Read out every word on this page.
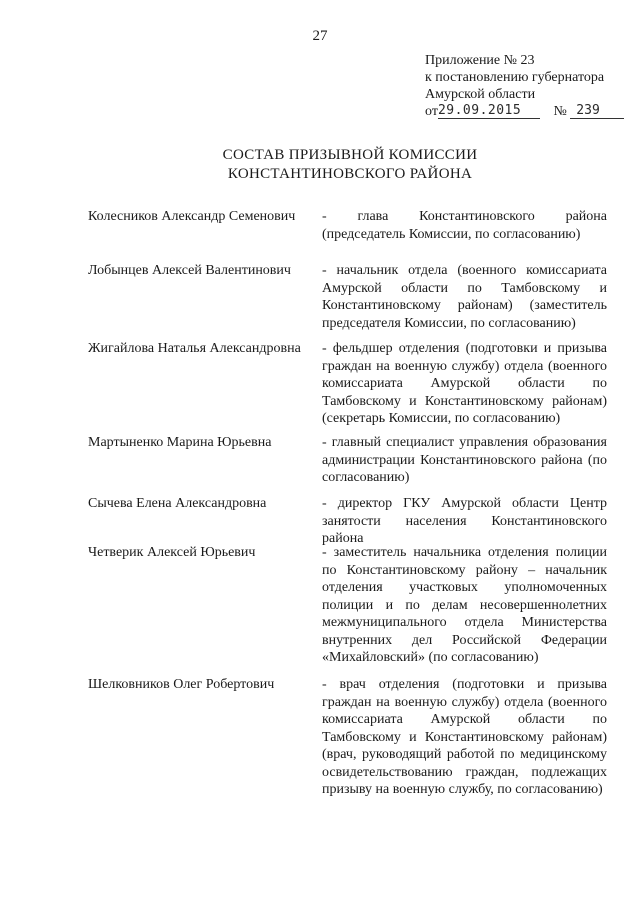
27
Приложение № 23
к постановлению губернатора
Амурской области
от29.09.2015 № 239
СОСТАВ ПРИЗЫВНОЙ КОМИССИИ
КОНСТАНТИНОВСКОГО РАЙОНА
Колесников Александр Семенович	- глава Константиновского района (председатель Комиссии, по согласованию)
Лобынцев Алексей Валентинович	- начальник отдела (военного комиссариата Амурской области по Тамбовскому и Константиновскому районам) (заместитель председателя Комиссии, по согласованию)
Жигайлова Наталья Александровна	- фельдшер отделения (подготовки и призыва граждан на военную службу) отдела (военного комиссариата Амурской области по Тамбовскому и Константиновскому районам) (секретарь Комиссии, по согласованию)
Мартыненко Марина Юрьевна	- главный специалист управления образования администрации Константиновского района (по согласованию)
Сычева Елена Александровна	- директор ГКУ Амурской области Центр занятости населения Константиновского района
Четверик Алексей Юрьевич	- заместитель начальника отделения полиции по Константиновскому району – начальник отделения участковых уполномоченных полиции и по делам несовершеннолетних межмуниципального отдела Министерства внутренних дел Российской Федерации «Михайловский» (по согласованию)
Шелковников Олег Робертович	- врач отделения (подготовки и призыва граждан на военную службу) отдела (военного комиссариата Амурской области по Тамбовскому и Константиновскому районам) (врач, руководящий работой по медицинскому освидетельствованию граждан, подлежащих призыву на военную службу, по согласованию)
